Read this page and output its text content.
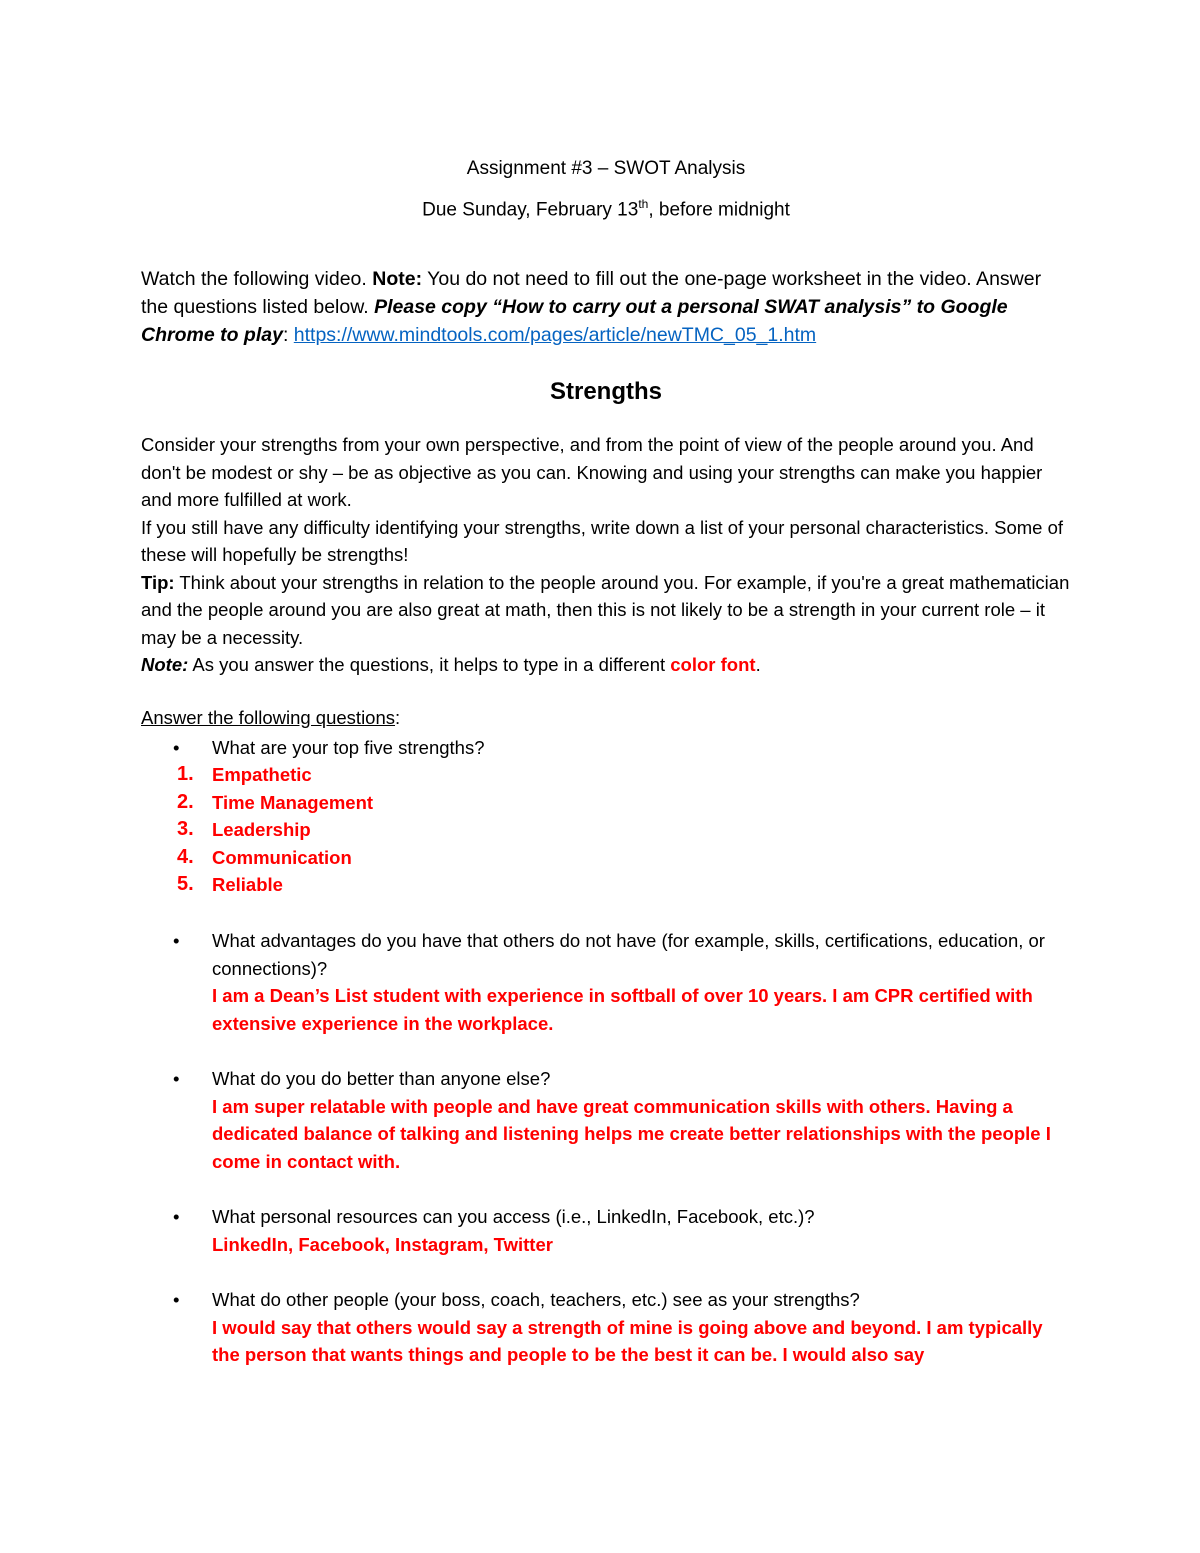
Assignment #3 – SWOT Analysis
Due Sunday, February 13th, before midnight
Watch the following video. Note: You do not need to fill out the one-page worksheet in the video. Answer the questions listed below. Please copy “How to carry out a personal SWAT analysis” to Google Chrome to play: https://www.mindtools.com/pages/article/newTMC_05_1.htm
Strengths

Consider your strengths from your own perspective, and from the point of view of the people around you. And don't be modest or shy – be as objective as you can. Knowing and using your strengths can make you happier and more fulfilled at work.

If you still have any difficulty identifying your strengths, write down a list of your personal characteristics. Some of these will hopefully be strengths!

Tip: Think about your strengths in relation to the people around you. For example, if you're a great mathematician and the people around you are also great at math, then this is not likely to be a strength in your current role – it may be a necessity.

Note: As you answer the questions, it helps to type in a different color font.

Answer the following questions:
• What are your top five strengths?
1. Empathetic
2. Time Management
3. Leadership
4. Communication
5. Reliable
• What advantages do you have that others do not have (for example, skills, certifications, education, or connections)?
I am a Dean’s List student with experience in softball of over 10 years. I am CPR certified with extensive experience in the workplace.
• What do you do better than anyone else?
I am super relatable with people and have great communication skills with others. Having a dedicated balance of talking and listening helps me create better relationships with the people I come in contact with.
• What personal resources can you access (i.e., LinkedIn, Facebook, etc.)?
LinkedIn, Facebook, Instagram, Twitter
• What do other people (your boss, coach, teachers, etc.) see as your strengths?
I would say that others would say a strength of mine is going above and beyond. I am typically the person that wants things and people to be the best it can be. I would also say
